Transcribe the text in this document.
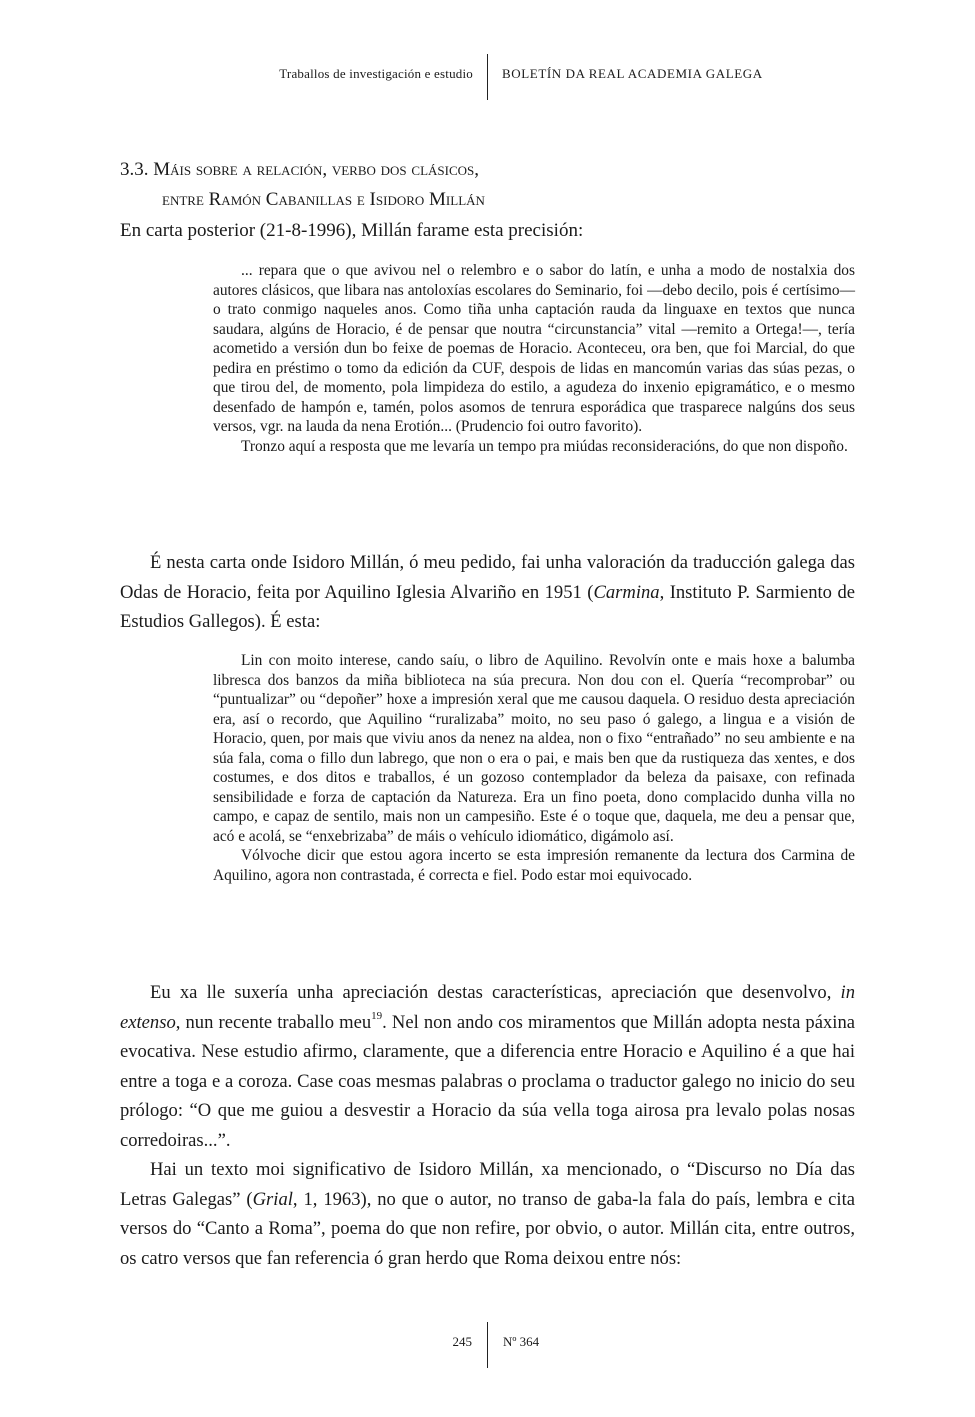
Traballos de investigación e estudio BOLETÍN DA REAL ACADEMIA GALEGA
3.3. Máis sobre a relación, verbo dos clásicos,
entre Ramón Cabanillas e Isidoro Millán

En carta posterior (21-8-1996), Millán farame esta precisión:

... repara que o que avivou nel o relembro e o sabor do latín, e unha a modo de nostalxia dos autores clásicos, que libara nas antoloxías escolares do Seminario, foi —debo decilo, pois é certísimo— o trato conmigo naqueles anos. Como tiña unha captación rauda da linguaxe en textos que nunca saudara, algúns de Horacio, é de pensar que noutra “circunstancia” vital —remito a Ortega!—, tería acometido a versión dun bo feixe de poemas de Horacio. Aconteceu, ora ben, que foi Marcial, do que pedira en préstimo o tomo da edición da CUF, despois de lidas en mancomún varias das súas pezas, o que tirou del, de momento, pola limpideza do estilo, a agudeza do inxenio epigramático, e o mesmo desenfado de hampón e, tamén, polos asomos de tenrura esporádica que trasparece nalgúns dos seus versos, vgr. na lauda da nena Erotión... (Prudencio foi outro favorito).

Tronzo aquí a resposta que me levaría un tempo pra miúdas reconsideracións, do que non dispoño.

É nesta carta onde Isidoro Millán, ó meu pedido, fai unha valoración da traducción galega das Odas de Horacio, feita por Aquilino Iglesia Alvariño en 1951 (Carmina, Instituto P. Sarmiento de Estudios Gallegos). É esta:

Lin con moito interese, cando saíu, o libro de Aquilino. Revolvín onte e mais hoxe a balumba libresca dos banzos da miña biblioteca na súa precura. Non dou con el. Quería “recomprobar” ou “puntualizar” ou “depoñer” hoxe a impresión xeral que me causou daquela. O residuo desta apreciación era, así o recordo, que Aquilino “ruralizaba” moito, no seu paso ó galego, a lingua e a visión de Horacio, quen, por mais que viviu anos da nenez na aldea, non o fixo “entrañado” no seu ambiente e na súa fala, coma o fillo dun labrego, que non o era o pai, e mais ben que da rustiqueza das xentes, e dos costumes, e dos ditos e traballos, é un gozoso contemplador da beleza da paisaxe, con refinada sensibilidade e forza de captación da Natureza. Era un fino poeta, dono complacido dunha villa no campo, e capaz de sentilo, mais non un campesiño. Este é o toque que, daquela, me deu a pensar que, acó e acolá, se “enxebrizaba” de máis o vehículo idiomático, digámolo así.

Vólvoche dicir que estou agora incerto se esta impresión remanente da lectura dos Carmina de Aquilino, agora non contrastada, é correcta e fiel. Podo estar moi equivocado.

Eu xa lle suxería unha apreciación destas características, apreciación que desenvolvo, in extenso, nun recente traballo meu$^{19}$. Nel non ando cos miramentos que Millán adopta nesta páxina evocativa. Nese estudio afirmo, claramente, que a diferencia entre Horacio e Aquilino é a que hai entre a toga e a coroza. Case coas mesmas palabras o proclama o traductor galego no inicio do seu prólogo: “O que me guiou a desvestir a Horacio da súa vella toga airosa pra levalo polas nosas corredoiras...”.

Hai un texto moi significativo de Isidoro Millán, xa mencionado, o “Discurso no Día das Letras Galegas” (Grial, 1, 1963), no que o autor, no transo de gaba-la fala do país, lembra e cita versos do “Canto a Roma”, poema do que non refire, por obvio, o autor. Millán cita, entre outros, os catro versos que fan referencia ó gran herdo que Roma deixou entre nós:

245 Nº 364
